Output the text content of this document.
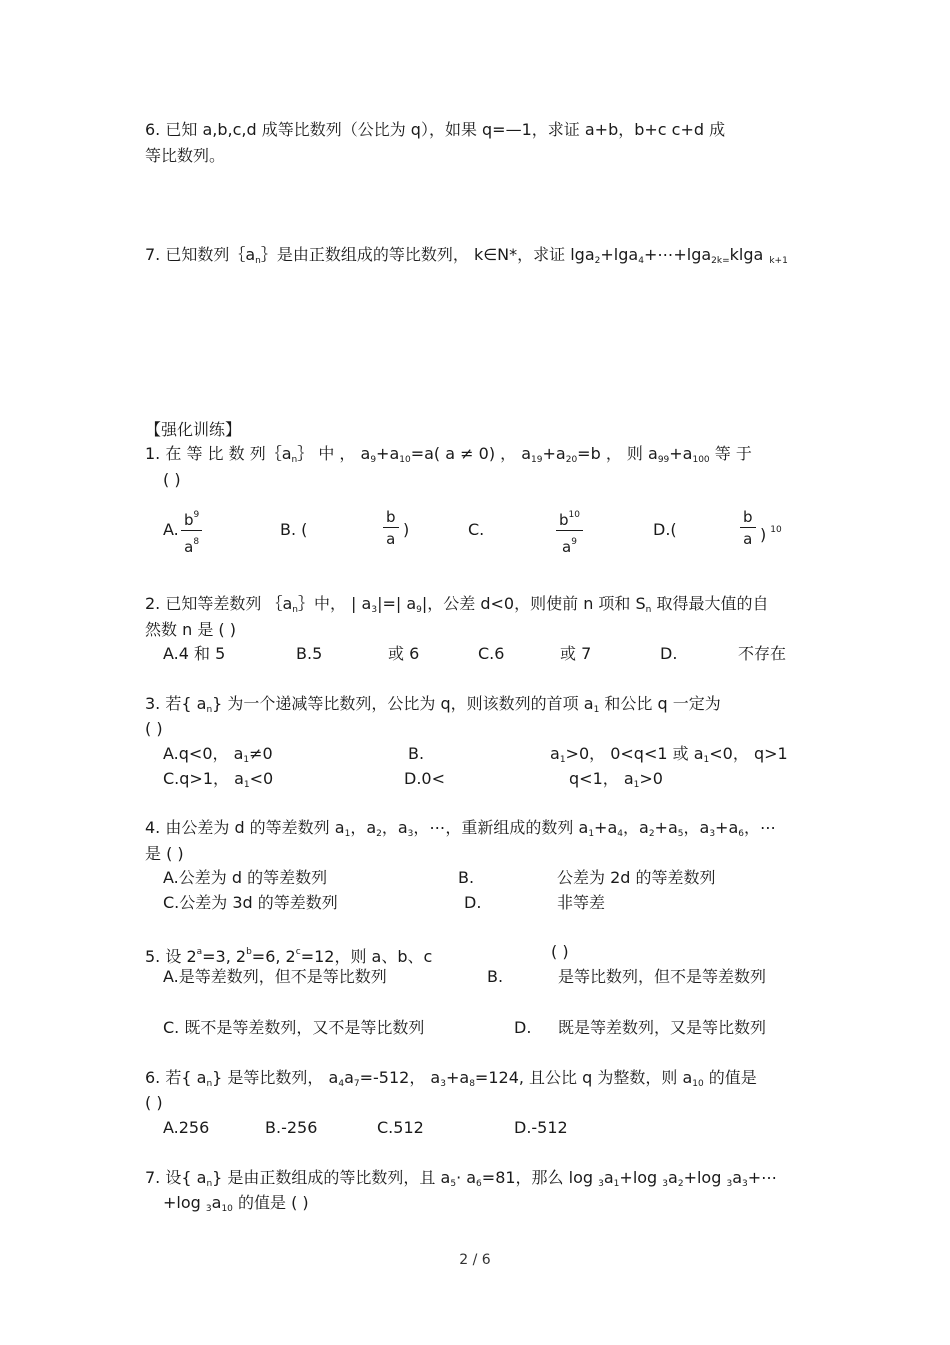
6. 已知 a,b,c,d 成等比数列（公比为 q），如果 q=—1，求证 a+b，b+c c+d 成
等比数列。
7. 已知数列$\{a_n\}$是由正数组成的等比数列， k∈N*，求证 lga$_2$+lga$_4$+⋯+lga$_{2k=}$klga $_{k+1}$
【强化训练】
1. 在 等 比 数 列$\{a_n\}$ 中 ， $a_9+a_{10}=a$( a ≠ 0) ， $a_{19}+a_{20}=b$ ， 则 $a_{99}+a_{100}$ 等 于
( )
A. $\frac{b^9}{a^8}$	B. (	$\frac{b}{a}$ )	C.	$\frac{b^{10}}{a^9}$	D.(	$\frac{b}{a}$ ) $^{10}$
2. 已知等差数列 $\{a_n\}$中， | $a_3|=|$ $a_9|$，公差 d<0，则使前 n 项和 $S_n$ 取得最大值的自
然数 n 是 ( )
A.4 和 5	B.5	或 6	C.6	或 7	D.	不存在
3. 若{ $a_n$} 为一个递减等比数列，公比为 q，则该数列的首项 $a_1$ 和公比 q 一定为
( )
A.q<0， $a_1\ne 0$	B.	$a_1>0$， 0<q<1 或 $a_1<0$， q>1
C.q>1， $a_1<0$	D.0<	q<1， $a_1>0$
4. 由公差为 d 的等差数列 $a_1$，$a_2$，$a_3$，⋯，重新组成的数列 $a_1+a_4$，$a_2+a_5$，$a_3+a_6$，⋯
是 ( )
A.公差为 d 的等差数列	B.	公差为 2d 的等差数列
C.公差为 3d 的等差数列	D.	非等差
5. 设 $2^a=3$, $2^b=6$, $2^c=12$，则 a、b、c	( )
A.是等差数列，但不是等比数列	B.	是等比数列，但不是等差数列
C. 既不是等差数列，又不是等比数列	D. 既是等差数列，又是等比数列
6. 若{ $a_n$} 是等比数列， $a_4a_7=-512$， $a_3+a_8=124$, 且公比 q 为整数，则 $a_{10}$ 的值是
( )
A.256	B.-256	C.512	D.-512
7. 设{ $a_n$} 是由正数组成的等比数列，且 $a_5\cdot a_6=81$，那么 $\log _3a_1+\log$ $_3a_2+\log$ $_3a_3+\cdots$
+log $_3a_{10}$ 的值是 ( )
2 / 6
